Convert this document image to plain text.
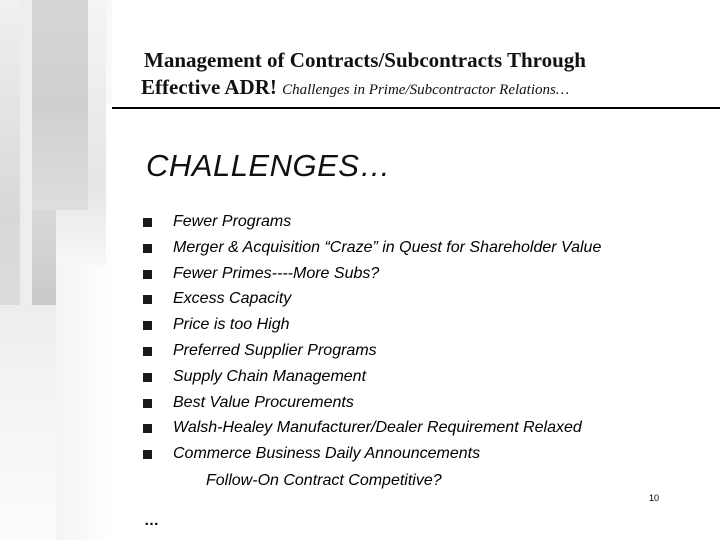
Management of Contracts/Subcontracts Through
Effective ADR! Challenges in Prime/Subcontractor Relations…
CHALLENGES…
Fewer Programs
Merger & Acquisition “Craze” in Quest for Shareholder Value
Fewer Primes----More Subs?
Excess Capacity
Price is too High
Preferred Supplier Programs
Supply Chain Management
Best Value Procurements
Walsh-Healey Manufacturer/Dealer Requirement Relaxed
Commerce Business Daily Announcements
Follow-On Contract Competitive?
10
…
